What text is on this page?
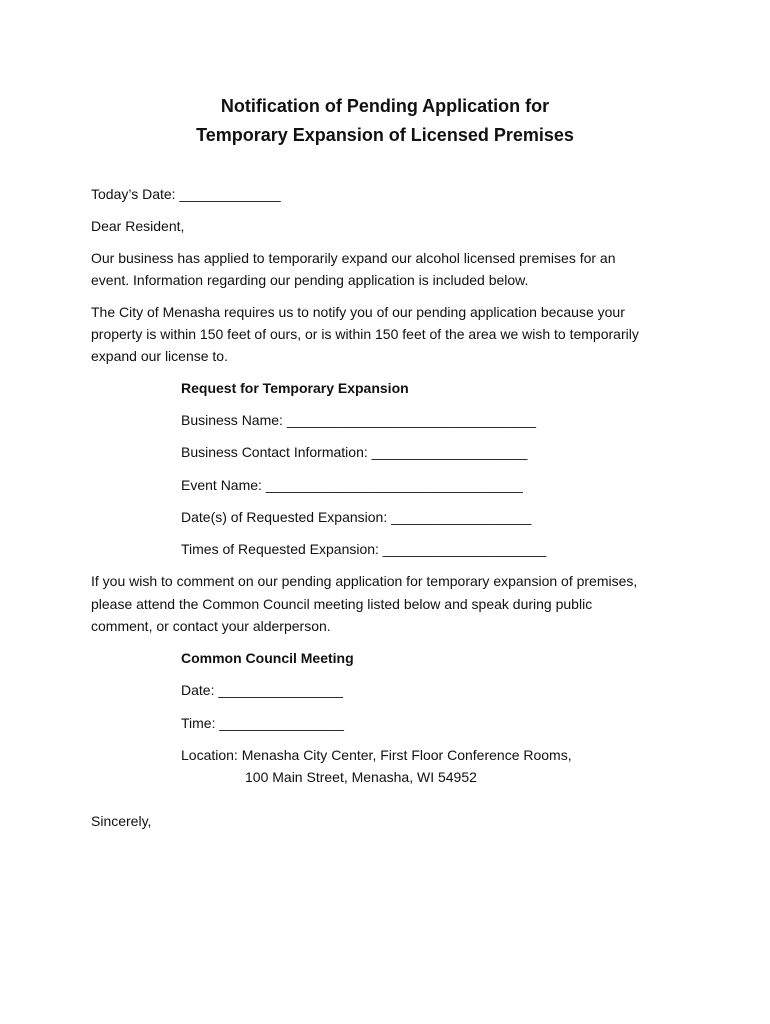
Notification of Pending Application for
Temporary Expansion of Licensed Premises
Today’s Date: _____________
Dear Resident,
Our business has applied to temporarily expand our alcohol licensed premises for an
event. Information regarding our pending application is included below.
The City of Menasha requires us to notify you of our pending application because your
property is within 150 feet of ours, or is within 150 feet of the area we wish to temporarily
expand our license to.
Request for Temporary Expansion
Business Name: ________________________________
Business Contact Information: ____________________
Event Name: _________________________________
Date(s) of Requested Expansion: __________________
Times of Requested Expansion: _____________________
If you wish to comment on our pending application for temporary expansion of premises,
please attend the Common Council meeting listed below and speak during public
comment, or contact your alderperson.
Common Council Meeting
Date: ________________
Time: ________________
Location: Menasha City Center, First Floor Conference Rooms,
100 Main Street, Menasha, WI 54952
Sincerely,
